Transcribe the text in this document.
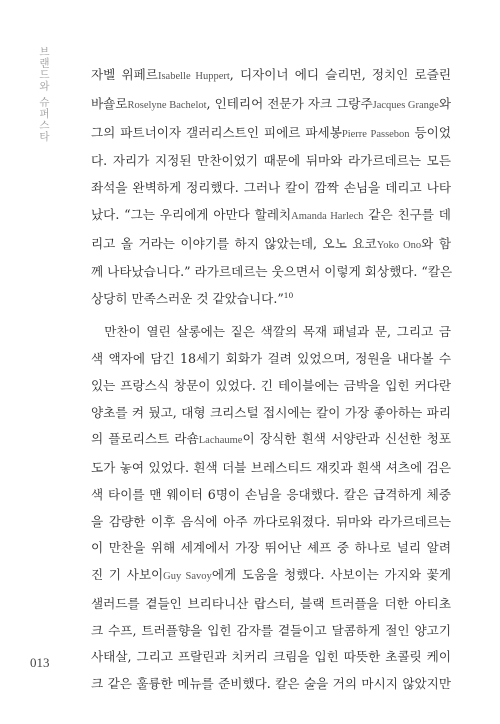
브랜드와 슈퍼스타
013
자벨 위페르Isabelle Huppert, 디자이너 에디 슬리먼, 정치인 로즐린
바숄로Roselyne Bachelot, 인테리어 전문가 자크 그랑주Jacques Grange와
그의 파트너이자 갤러리스트인 피에르 파세봉Pierre Passebon 등이었
다. 자리가 지정된 만찬이었기 때문에 뒤마와 라가르데르는 모든
좌석을 완벽하게 정리했다. 그러나 칼이 깜짝 손님을 데리고 나타
났다. “그는 우리에게 아만다 할레치Amanda Harlech 같은 친구를 데
리고 올 거라는 이야기를 하지 않았는데, 오노 요코Yoko Ono와 함
께 나타났습니다.” 라가르데르는 웃으면서 이렇게 회상했다. “칼은
상당히 만족스러운 것 같았습니다.”$^{10}$
만찬이 열린 살롱에는 짙은 색깔의 목재 패널과 문, 그리고 금
색 액자에 담긴 18세기 회화가 걸려 있었으며, 정원을 내다볼 수
있는 프랑스식 창문이 있었다. 긴 테이블에는 금박을 입힌 커다란
양초를 켜 뒀고, 대형 크리스털 접시에는 칼이 가장 좋아하는 파리
의 플로리스트 라숌Lachaume이 장식한 흰색 서양란과 신선한 청포
도가 놓여 있었다. 흰색 더블 브레스티드 재킷과 흰색 셔츠에 검은
색 타이를 맨 웨이터 6명이 손님을 응대했다. 칼은 급격하게 체중
을 감량한 이후 음식에 아주 까다로워졌다. 뒤마와 라가르데르는
이 만찬을 위해 세계에서 가장 뛰어난 셰프 중 하나로 널리 알려
진 기 사보이Guy Savoy에게 도움을 청했다. 사보이는 가지와 꽃게
샐러드를 곁들인 브리타니산 랍스터, 블랙 트러플을 더한 아티초
크 수프, 트러플향을 입힌 감자를 곁들이고 달콤하게 절인 양고기
사태살, 그리고 프랄린과 치커리 크림을 입힌 따뜻한 초콜릿 케이
크 같은 훌륭한 메뉴를 준비했다. 칼은 술을 거의 마시지 않았지만
